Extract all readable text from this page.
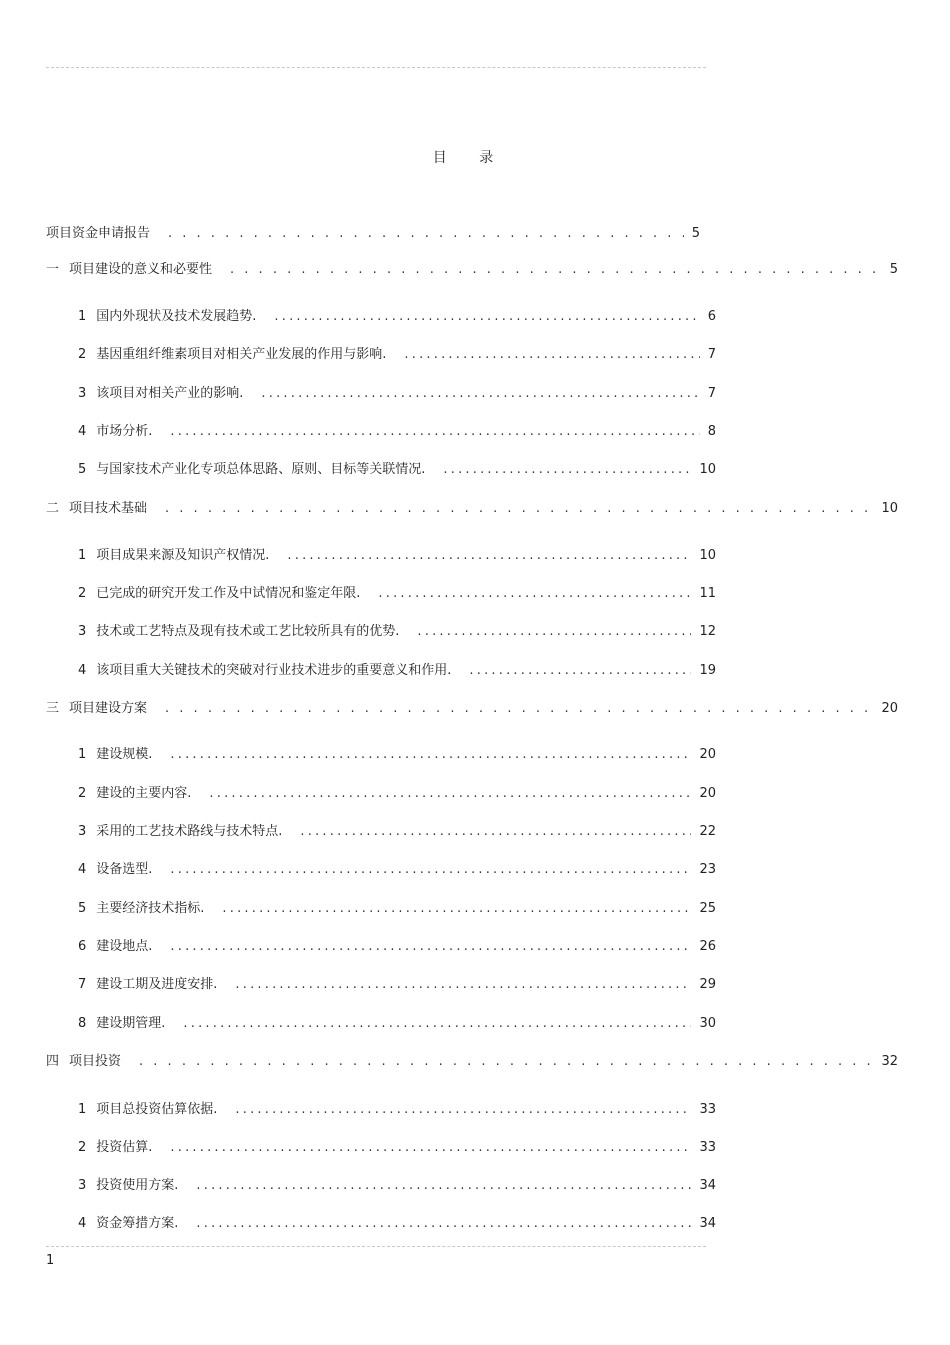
目 录
项目资金申请报告 . . .	5
一 项目建设的意义和必要性 . . .	5
1 国内外现状及技术发展趋势. .....	6
2 基因重组纤维素项目对相关产业发展的作用与影响. .....	7
3 该项目对相关产业的影响. .....	7
4 市场分析. .....	8
5 与国家技术产业化专项总体思路、原则、目标等关联情况. .....	10
二 项目技术基础 . . .	10
1 项目成果来源及知识产权情况. .....	10
2 已完成的研究开发工作及中试情况和鉴定年限. .....	11
3 技术或工艺特点及现有技术或工艺比较所具有的优势. .....	12
4 该项目重大关键技术的突破对行业技术进步的重要意义和作用. .....	19
三 项目建设方案 . . .	20
1 建设规模. .....	20
2 建设的主要内容. .....	20
3 采用的工艺技术路线与技术特点. .....	22
4 设备选型. .....	23
5 主要经济技术指标. .....	25
6 建设地点. .....	26
7 建设工期及进度安排. .....	29
8 建设期管理. .....	30
四 项目投资 . . .	32
1 项目总投资估算依据. .....	33
2 投资估算. .....	33
3 投资使用方案. .....	34
4 资金筹措方案. .....	34
1
